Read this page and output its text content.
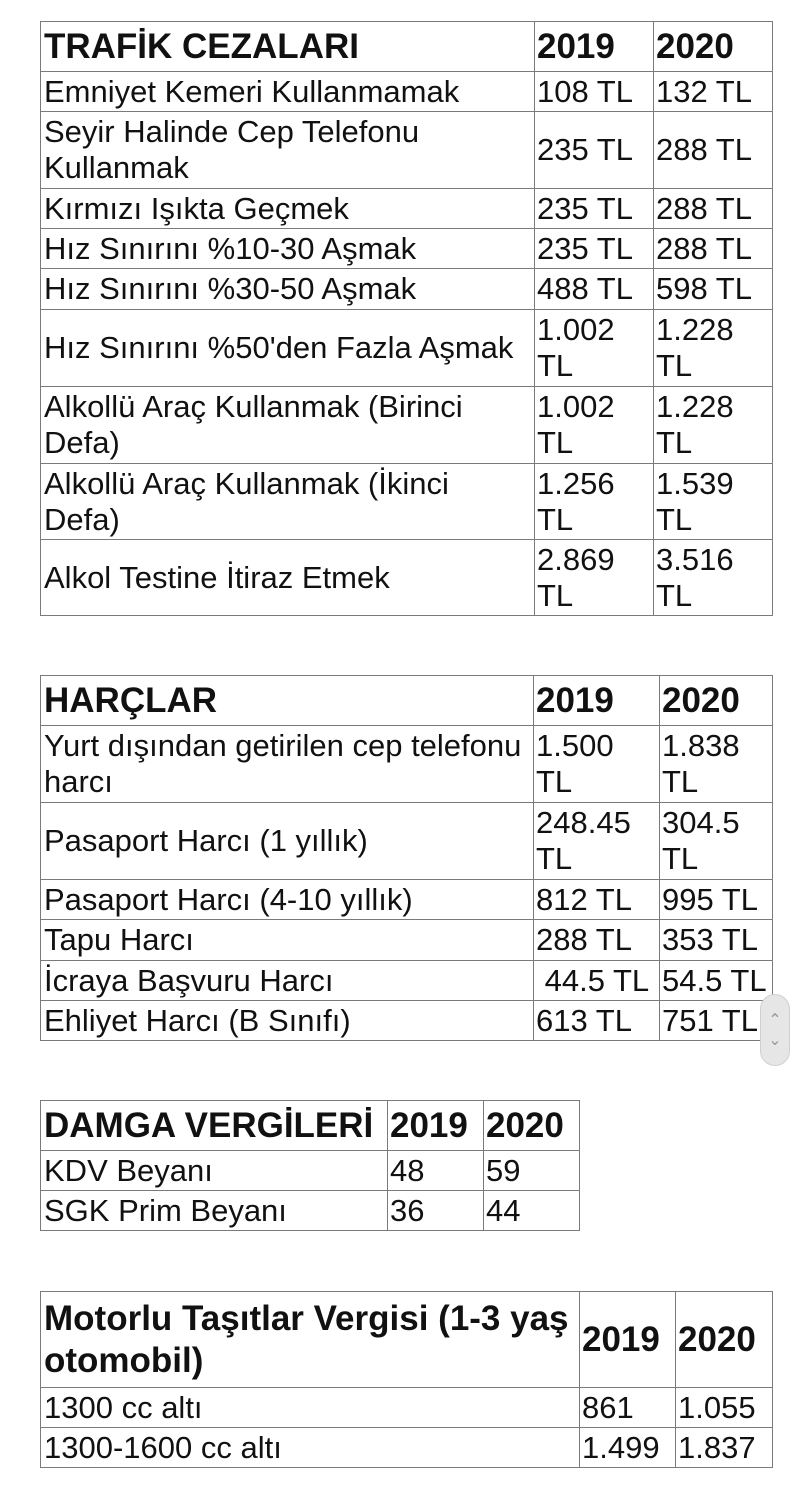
TRAFİK CEZALARI	2019	2020
Emniyet Kemeri Kullanmamak	108 TL	132 TL
Seyir Halinde Cep Telefonu Kullanmak	235 TL	288 TL
Kırmızı Işıkta Geçmek	235 TL	288 TL
Hız Sınırını %10-30 Aşmak	235 TL	288 TL
Hız Sınırını %30-50 Aşmak	488 TL	598 TL
Hız Sınırını %50'den Fazla Aşmak	1.002 TL	1.228 TL
Alkollü Araç Kullanmak (Birinci Defa)	1.002 TL	1.228 TL
Alkollü Araç Kullanmak (İkinci Defa)	1.256 TL	1.539 TL
Alkol Testine İtiraz Etmek	2.869 TL	3.516 TL
HARÇLAR	2019	2020
Yurt dışından getirilen cep telefonu harcı	1.500 TL	1.838 TL
Pasaport Harcı (1 yıllık)	248.45 TL	304.5 TL
Pasaport Harcı (4-10 yıllık)	812 TL	995 TL
Tapu Harcı	288 TL	353 TL
İcraya Başvuru Harcı	44.5 TL	54.5 TL
Ehliyet Harcı (B Sınıfı)	613 TL	751 TL
DAMGA VERGİLERİ	2019	2020
KDV Beyanı	48	59
SGK Prim Beyanı	36	44
Motorlu Taşıtlar Vergisi (1-3 yaş otomobil)	2019	2020
1300 cc altı	861	1.055
1300-1600 cc altı	1.499	1.837
⌃
⌄
